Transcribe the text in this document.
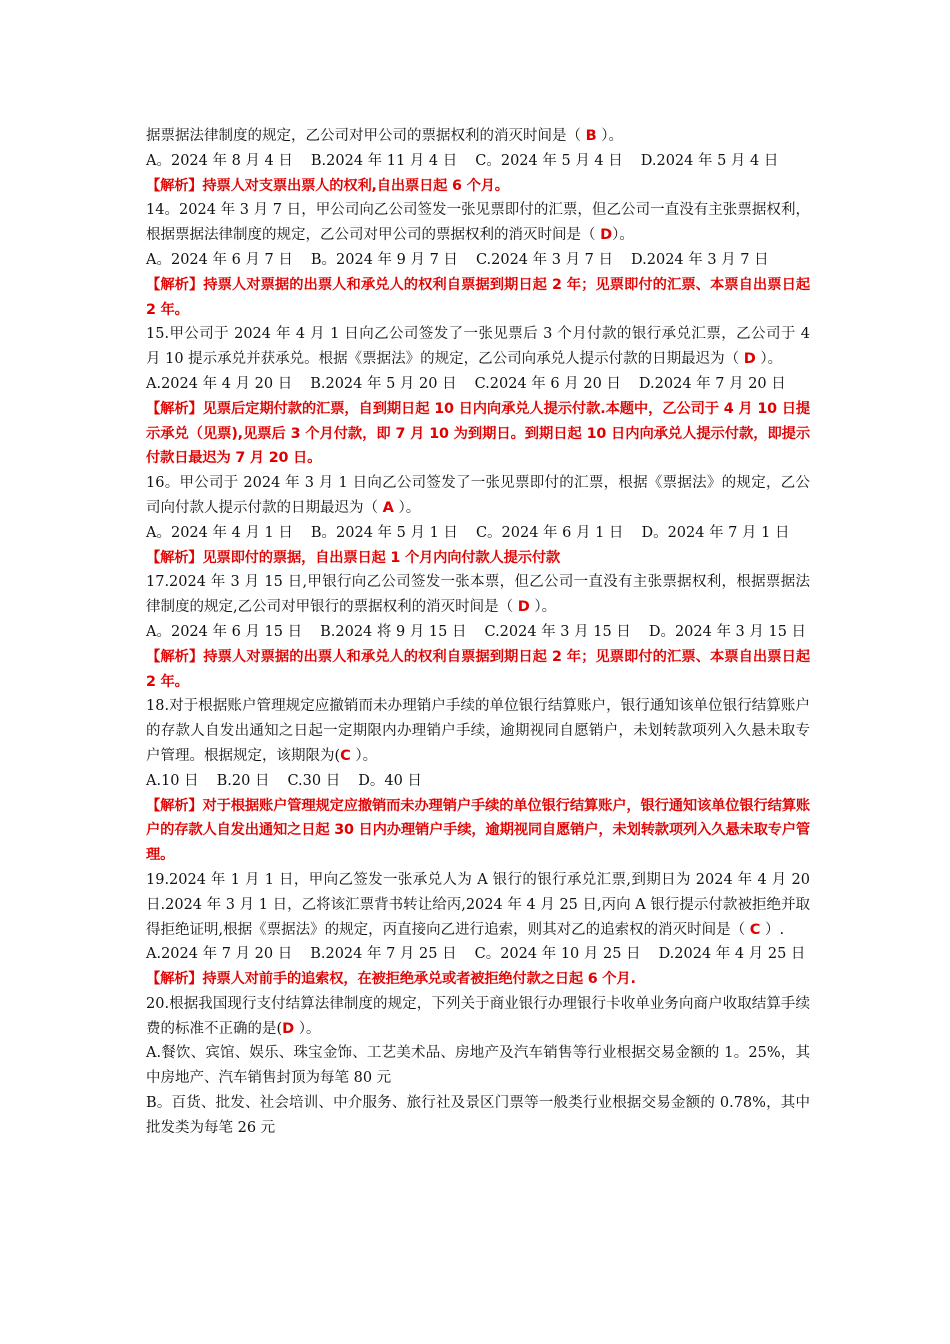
据票据法律制度的规定，乙公司对甲公司的票据权利的消灭时间是（ B ）。
A。2024 年 8 月 4 日 B.2024 年 11 月 4 日 C。2024 年 5 月 4 日 D.2024 年 5 月 4 日
【解析】持票人对支票出票人的权利,自出票日起 6 个月。
14。2024 年 3 月 7 日，甲公司向乙公司签发一张见票即付的汇票，但乙公司一直没有主张票据权利，根据票据法律制度的规定，乙公司对甲公司的票据权利的消灭时间是（ D）。
A。2024 年 6 月 7 日 B。2024 年 9 月 7 日 C.2024 年 3 月 7 日 D.2024 年 3 月 7 日
【解析】持票人对票据的出票人和承兑人的权利自票据到期日起 2 年；见票即付的汇票、本票自出票日起 2 年。
15.甲公司于 2024 年 4 月 1 日向乙公司签发了一张见票后 3 个月付款的银行承兑汇票，乙公司于 4 月 10 提示承兑并获承兑。根据《票据法》的规定，乙公司向承兑人提示付款的日期最迟为（ D ）。
A.2024 年 4 月 20 日 B.2024 年 5 月 20 日 C.2024 年 6 月 20 日 D.2024 年 7 月 20 日
【解析】见票后定期付款的汇票，自到期日起 10 日内向承兑人提示付款.本题中，乙公司于 4 月 10 日提示承兑（见票),见票后 3 个月付款，即 7 月 10 为到期日。到期日起 10 日内向承兑人提示付款，即提示付款日最迟为 7 月 20 日。
16。甲公司于 2024 年 3 月 1 日向乙公司签发了一张见票即付的汇票，根据《票据法》的规定，乙公司向付款人提示付款的日期最迟为（ A ）。
A。2024 年 4 月 1 日 B。2024 年 5 月 1 日 C。2024 年 6 月 1 日 D。2024 年 7 月 1 日
【解析】见票即付的票据，自出票日起 1 个月内向付款人提示付款
17.2024 年 3 月 15 日,甲银行向乙公司签发一张本票，但乙公司一直没有主张票据权利，根据票据法律制度的规定,乙公司对甲银行的票据权利的消灭时间是（ D ）。
A。2024 年 6 月 15 日 B.2024 将 9 月 15 日 C.2024 年 3 月 15 日 D。2024 年 3 月 15 日
【解析】持票人对票据的出票人和承兑人的权利自票据到期日起 2 年；见票即付的汇票、本票自出票日起 2 年。
18.对于根据账户管理规定应撤销而未办理销户手续的单位银行结算账户，银行通知该单位银行结算账户的存款人自发出通知之日起一定期限内办理销户手续，逾期视同自愿销户，未划转款项列入久悬未取专户管理。根据规定，该期限为(C ）。
A.10 日 B.20 日 C.30 日 D。40 日
【解析】对于根据账户管理规定应撤销而未办理销户手续的单位银行结算账户，银行通知该单位银行结算账户的存款人自发出通知之日起 30 日内办理销户手续，逾期视同自愿销户，未划转款项列入久悬未取专户管理。
19.2024 年 1 月 1 日，甲向乙签发一张承兑人为 A 银行的银行承兑汇票,到期日为 2024 年 4 月 20 日.2024 年 3 月 1 日，乙将该汇票背书转让给丙,2024 年 4 月 25 日,丙向 A 银行提示付款被拒绝并取得拒绝证明,根据《票据法》的规定，丙直接向乙进行追索，则其对乙的追索权的消灭时间是（ C ）.
A.2024 年 7 月 20 日 B.2024 年 7 月 25 日 C。2024 年 10 月 25 日 D.2024 年 4 月 25 日
【解析】持票人对前手的追索权，在被拒绝承兑或者被拒绝付款之日起 6 个月.
20.根据我国现行支付结算法律制度的规定，下列关于商业银行办理银行卡收单业务向商户收取结算手续费的标准不正确的是(D ）。
A.餐饮、宾馆、娱乐、珠宝金饰、工艺美术品、房地产及汽车销售等行业根据交易金额的 1。25%，其中房地产、汽车销售封顶为每笔 80 元
B。百货、批发、社会培训、中介服务、旅行社及景区门票等一般类行业根据交易金额的 0.78%，其中批发类为每笔 26 元
